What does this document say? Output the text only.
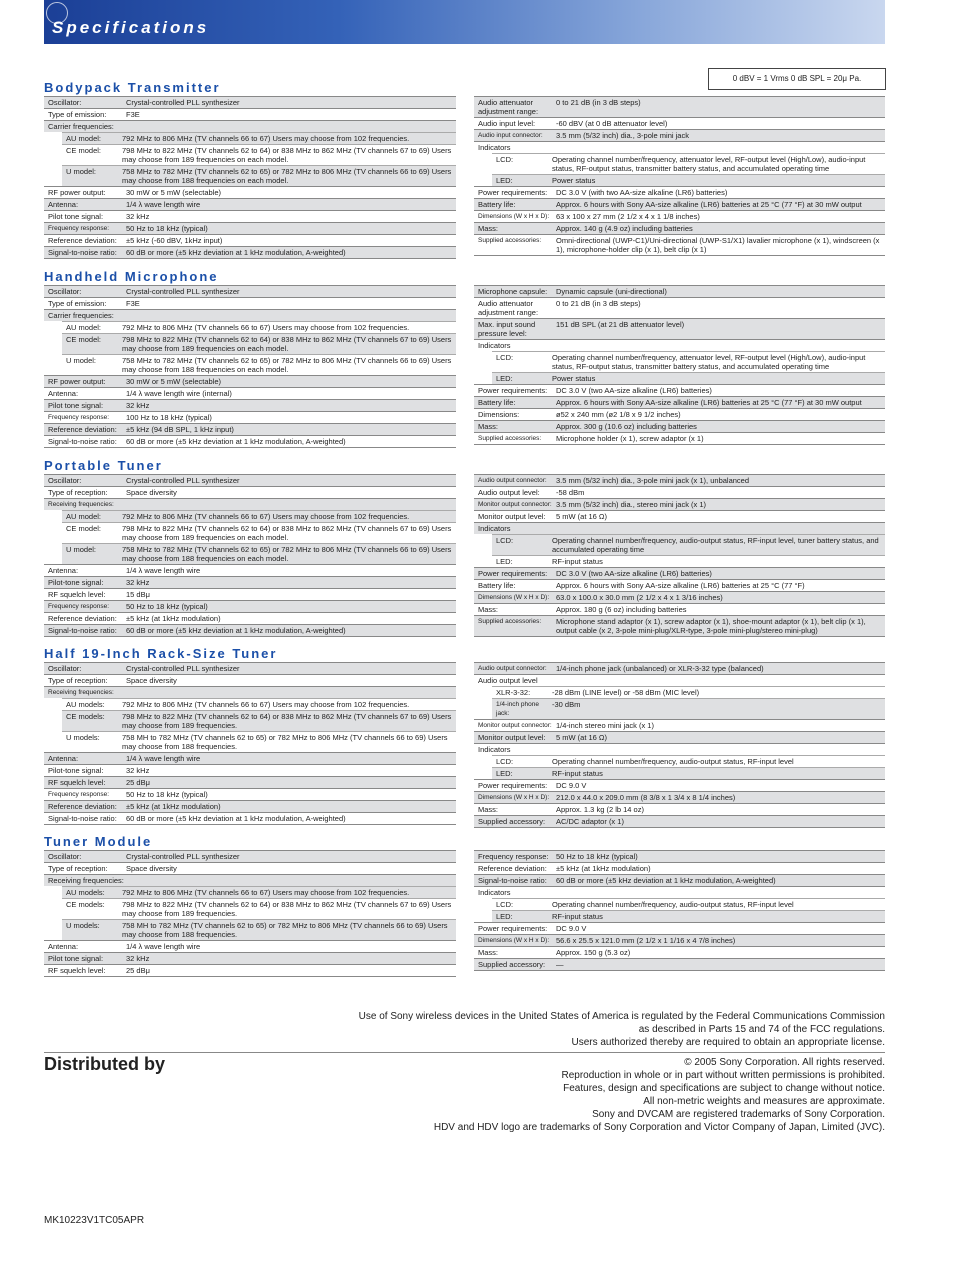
Specifications
0 dBV = 1 Vrms 0 dB SPL = 20μ Pa.
Bodypack Transmitter
Oscillator:	Crystal-controlled PLL synthesizer
Type of emission:	F3E
Carrier frequencies:
AU model:	792 MHz to 806 MHz (TV channels 66 to 67) Users may choose from 102 frequencies.
CE model:	798 MHz to 822 MHz (TV channels 62 to 64) or 838 MHz to 862 MHz (TV channels 67 to 69) Users may choose from 189 frequencies on each model.
U model:	758 MHz to 782 MHz (TV channels 62 to 65) or 782 MHz to 806 MHz (TV channels 66 to 69) Users may choose from 188 frequencies on each model.
RF power output:	30 mW or 5 mW (selectable)
Antenna:	1/4 λ wave length wire
Pilot tone signal:	32 kHz
Frequency response:	50 Hz to 18 kHz (typical)
Reference deviation:	±5 kHz (-60 dBV, 1kHz input)
Signal-to-noise ratio:	60 dB or more (±5 kHz deviation at 1 kHz modulation, A-weighted)
Audio attenuator adjustment range:
0 to 21 dB (in 3 dB steps)
Audio input level:	-60 dBV (at 0 dB attenuator level)
Audio input connector:	3.5 mm (5/32 inch) dia., 3-pole mini jack
Indicators
LCD:	Operating channel number/frequency, attenuator level, RF-output level (High/Low), audio-input status, RF-output status, transmitter battery status, and accumulated operating time
LED:	Power status
Power requirements:	DC 3.0 V (with two AA-size alkaline (LR6) batteries)
Battery life:	Approx. 6 hours with Sony AA-size alkaline (LR6) batteries at 25 °C (77 °F) at 30 mW output
Dimensions (W x H x D): 63 x 100 x 27 mm (2 1/2 x 4 x 1 1/8 inches)
Mass:	Approx. 140 g (4.9 oz) including batteries
Supplied accessories:	Omni-directional (UWP-C1)/Uni-directional (UWP-S1/X1) lavalier microphone (x 1), windscreen (x 1), microphone-holder clip (x 1), belt clip (x 1)
Handheld Microphone
Oscillator:	Crystal-controlled PLL synthesizer
Type of emission:	F3E
Carrier frequencies:
AU model:	792 MHz to 806 MHz (TV channels 66 to 67) Users may choose from 102 frequencies.
CE model:	798 MHz to 822 MHz (TV channels 62 to 64) or 838 MHz to 862 MHz (TV channels 67 to 69) Users may choose from 189 frequencies on each model.
U model:	758 MHz to 782 MHz (TV channels 62 to 65) or 782 MHz to 806 MHz (TV channels 66 to 69) Users may choose from 188 frequencies on each model.
RF power output:	30 mW or 5 mW (selectable)
Antenna:	1/4 λ wave length wire (internal)
Pilot tone signal:	32 kHz
Frequency response:	100 Hz to 18 kHz (typical)
Reference deviation:	±5 kHz (94 dB SPL, 1 kHz input)
Signal-to-noise ratio:	60 dB or more (±5 kHz deviation at 1 kHz modulation, A-weighted)
Microphone capsule:	Dynamic capsule (uni-directional)
Audio attenuator adjustment range:
0 to 21 dB (in 3 dB steps)
Max. input sound pressure level:
151 dB SPL (at 21 dB attenuator level)
Indicators
LCD:	Operating channel number/frequency, attenuator level, RF-output level (High/Low), audio-input status, RF-output status, transmitter battery status, and accumulated operating time
LED:	Power status
Power requirements:	DC 3.0 V (two AA-size alkaline (LR6) batteries)
Battery life:	Approx. 6 hours with Sony AA-size alkaline (LR6) batteries at 25 °C (77 °F) at 30 mW output
Dimensions:	ø52 x 240 mm (ø2 1/8 x 9 1/2 inches)
Mass:	Approx. 300 g (10.6 oz) including batteries
Supplied accessories:	Microphone holder (x 1), screw adaptor (x 1)
Portable Tuner
Oscillator:	Crystal-controlled PLL synthesizer
Type of reception:	Space diversity
Receiving frequencies:
AU model:	792 MHz to 806 MHz (TV channels 66 to 67) Users may choose from 102 frequencies.
CE model:	798 MHz to 822 MHz (TV channels 62 to 64) or 838 MHz to 862 MHz (TV channels 67 to 69) Users may choose from 189 frequencies on each model.
U model:	758 MHz to 782 MHz (TV channels 62 to 65) or 782 MHz to 806 MHz (TV channels 66 to 69) Users may choose from 188 frequencies on each model.
Antenna:	1/4 λ wave length wire
Pilot-tone signal:	32 kHz
RF squelch level:	15 dBμ
Frequency response:	50 Hz to 18 kHz (typical)
Reference deviation:	±5 kHz (at 1kHz modulation)
Signal-to-noise ratio:	60 dB or more (±5 kHz deviation at 1 kHz modulation, A-weighted)
Audio output connector:	3.5 mm (5/32 inch) dia., 3-pole mini jack (x 1), unbalanced
Audio output level:	-58 dBm
Monitor output connector: 3.5 mm (5/32 inch) dia., stereo mini jack (x 1)
Monitor output level:	5 mW (at 16 Ω)
Indicators
LCD:	Operating channel number/frequency, audio-output status, RF-input level, tuner battery status, and accumulated operating time
LED:	RF-input status
Power requirements:	DC 3.0 V (two AA-size alkaline (LR6) batteries)
Battery life:	Approx. 6 hours with Sony AA-size alkaline (LR6) batteries at 25 °C (77 °F)
Dimensions (W x H x D): 63.0 x 100.0 x 30.0 mm (2 1/2 x 4 x 1 3/16 inches)
Mass:	Approx. 180 g (6 oz) including batteries
Supplied accessories:	Microphone stand adaptor (x 1), screw adaptor (x 1), shoe-mount adaptor (x 1), belt clip (x 1), output cable (x 2, 3-pole mini-plug/XLR-type, 3-pole mini-plug/stereo mini-plug)
Half 19-Inch Rack-Size Tuner
Oscillator:	Crystal-controlled PLL synthesizer
Type of reception:	Space diversity
Receiving frequencies:
AU models:	792 MHz to 806 MHz (TV channels 66 to 67) Users may choose from 102 frequencies.
CE models:	798 MHz to 822 MHz (TV channels 62 to 64) or 838 MHz to 862 MHz (TV channels 67 to 69) Users may choose from 189 frequencies.
U models:	758 MH to 782 MHz (TV channels 62 to 65) or 782 MHz to 806 MHz (TV channels 66 to 69) Users may choose from 188 frequencies.
Antenna:	1/4 λ wave length wire
Pilot-tone signal:	32 kHz
RF squelch level:	25 dBμ
Frequency response:	50 Hz to 18 kHz (typical)
Reference deviation:	±5 kHz (at 1kHz modulation)
Signal-to-noise ratio:	60 dB or more (±5 kHz deviation at 1 kHz modulation, A-weighted)
Audio output connector:	1/4-inch phone jack (unbalanced) or XLR-3-32 type (balanced)
Audio output level
XLR-3-32:	-28 dBm (LINE level) or -58 dBm (MIC level)
1/4-inch phone jack:
-30 dBm
Monitor output connector: 1/4-inch stereo mini jack (x 1)
Monitor output level:	5 mW (at 16 Ω)
Indicators
LCD:	Operating channel number/frequency, audio-output status, RF-input level
LED:	RF-input status
Power requirements:	DC 9.0 V
Dimensions (W x H x D): 212.0 x 44.0 x 209.0 mm (8 3/8 x 1 3/4 x 8 1/4 inches)
Mass:	Approx. 1.3 kg (2 lb 14 oz)
Supplied accessory:	AC/DC adaptor (x 1)
Tuner Module
Oscillator:	Crystal-controlled PLL synthesizer
Type of reception:	Space diversity
Receiving frequencies:
AU models:	792 MHz to 806 MHz (TV channels 66 to 67) Users may choose from 102 frequencies.
CE models:	798 MHz to 822 MHz (TV channels 62 to 64) or 838 MHz to 862 MHz (TV channels 67 to 69) Users may choose from 189 frequencies.
U models:	758 MH to 782 MHz (TV channels 62 to 65) or 782 MHz to 806 MHz (TV channels 66 to 69) Users may choose from 188 frequencies.
Antenna:	1/4 λ wave length wire
Pilot tone signal:	32 kHz
RF squelch level:	25 dBμ
Frequency response:	50 Hz to 18 kHz (typical)
Reference deviation:	±5 kHz (at 1kHz modulation)
Signal-to-noise ratio:	60 dB or more (±5 kHz deviation at 1 kHz modulation, A-weighted)
Indicators
LCD:	Operating channel number/frequency, audio-output status, RF-input level
LED:	RF-input status
Power requirements:	DC 9.0 V
Dimensions (W x H x D): 56.6 x 25.5 x 121.0 mm (2 1/2 x 1 1/16 x 4 7/8 inches)
Mass:	Approx. 150 g (5.3 oz)
Supplied accessory:	—
Use of Sony wireless devices in the United States of America is regulated by the Federal Communications Commission
as described in Parts 15 and 74 of the FCC regulations.
Users authorized thereby are required to obtain an appropriate license.
Distributed by	© 2005 Sony Corporation. All rights reserved.
Reproduction in whole or in part without written permissions is prohibited.
Features, design and specifications are subject to change without notice.
All non-metric weights and measures are approximate.
Sony and DVCAM are registered trademarks of Sony Corporation.
HDV and HDV logo are trademarks of Sony Corporation and Victor Company of Japan, Limited (JVC).
MK10223V1TC05APR
